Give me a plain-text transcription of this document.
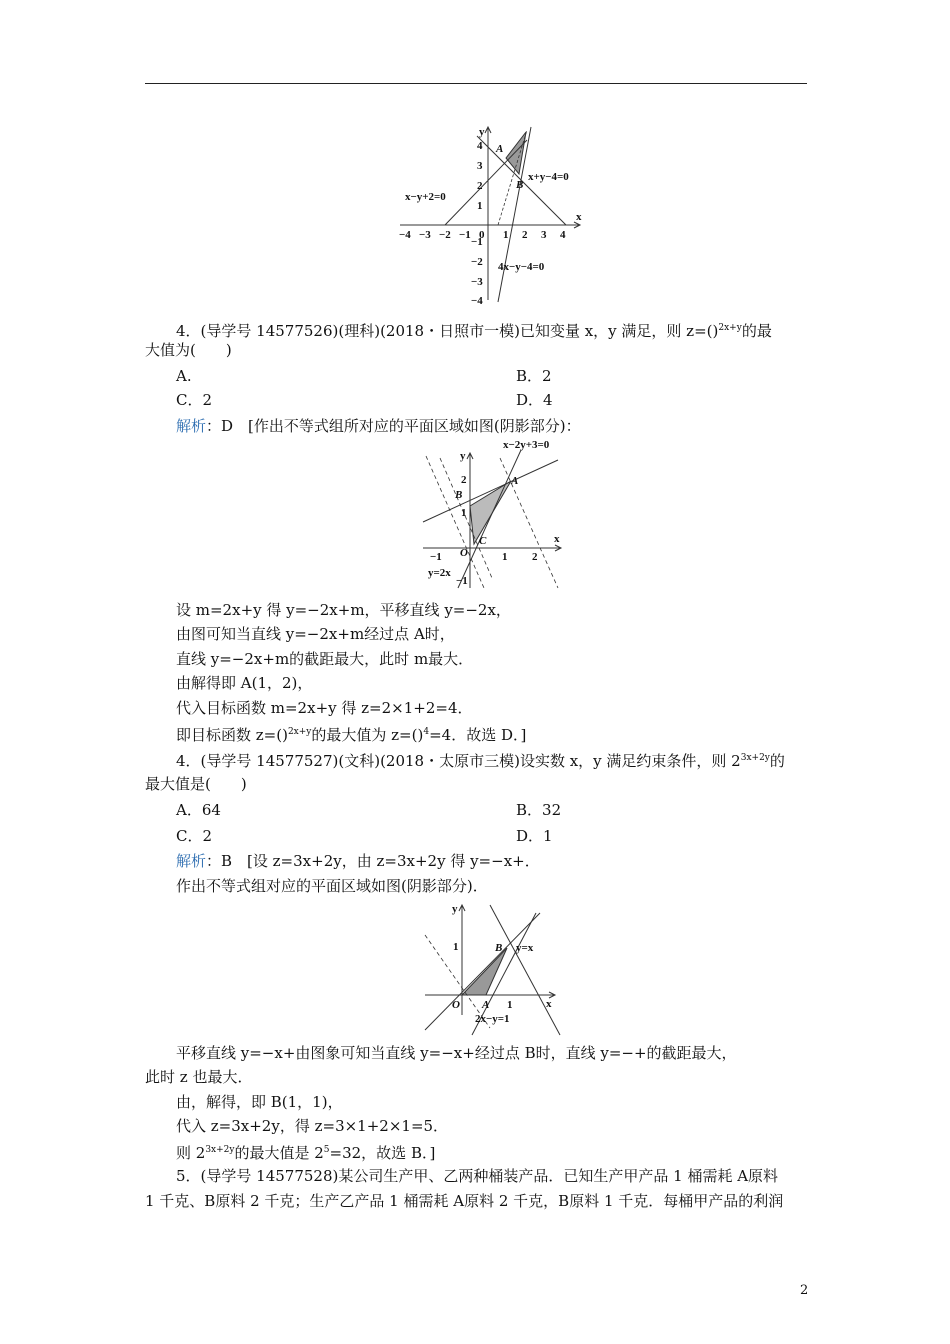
y
x
−4 −3 −2 −1 0 1 2 3 4
4
3
2
1
−1
−2
−3
−4
A
B
x−y+2=0
x+y−4=0
4x−y−4=0
4．(导学号 14577526)(理科)(2018・日照市一模)已知变量 x，y 满足，则 z=()$^{2x+y}$的最
大值为(　　)
A.	B．2
C．2	D．4
解析：D　[作出不等式组所对应的平面区域如图(阴影部分)：
x−2y+3=0
y
x
2
1
−1
−1	1 2
O
A
B
C
y=2x
设 m=2x+y 得 y=−2x+m，平移直线 y=−2x，
由图可知当直线 y=−2x+m经过点 A时，
直线 y=−2x+m的截距最大，此时 m最大．
由解得即 A(1，2)，
代入目标函数 m=2x+y 得 z=2×1+2=4．
即目标函数 z=()$^{2x+y}$的最大值为 z=()$^4$=4．故选 D．]
4．(导学号 14577527)(文科)(2018・太原市三模)设实数 x，y 满足约束条件，则 $2^{3x+2y}$的
最大值是(　　)
A．64	B．32
C．2	D．1
解析：B　[设 z=3x+2y，由 z=3x+2y 得 y=−x+．
作出不等式组对应的平面区域如图(阴影部分)．
y
x
1
1
O A
B y=x
2x−y=1
平移直线 y=−x+由图象可知当直线 y=−x+经过点 B时，直线 y=−+的截距最大，
此时 z 也最大．
由，解得，即 B(1，1)，
代入 z=3x+2y，得 z=3×1+2×1=5．
则 $2^{3x+2y}$的最大值是 $2^5=32$，故选 B．]
5．(导学号 14577528)某公司生产甲、乙两种桶装产品．已知生产甲产品 1 桶需耗 A原料
1 千克、B原料 2 千克；生产乙产品 1 桶需耗 A原料 2 千克，B原料 1 千克．每桶甲产品的利润
2
